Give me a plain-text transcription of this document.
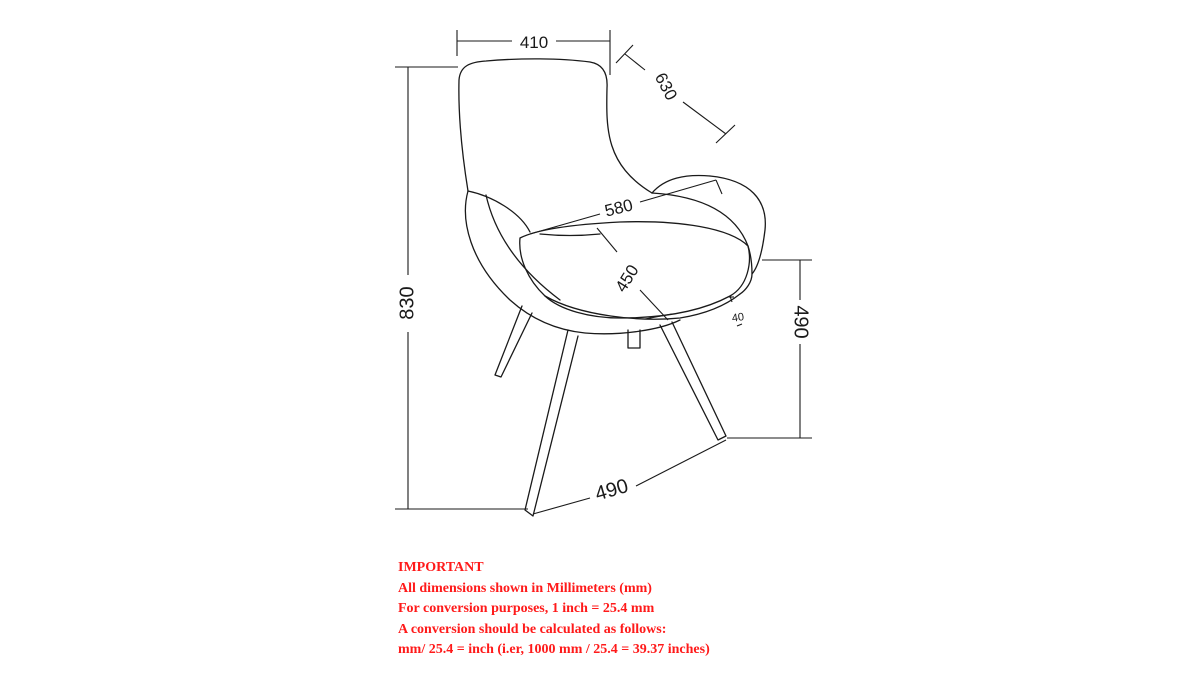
410
630
580
450
40
830
490
490
IMPORTANT
All dimensions shown in Millimeters (mm)
For conversion purposes, 1 inch = 25.4 mm
A conversion should be calculated as follows:
mm/ 25.4 = inch (i.er, 1000 mm / 25.4 = 39.37 inches)
